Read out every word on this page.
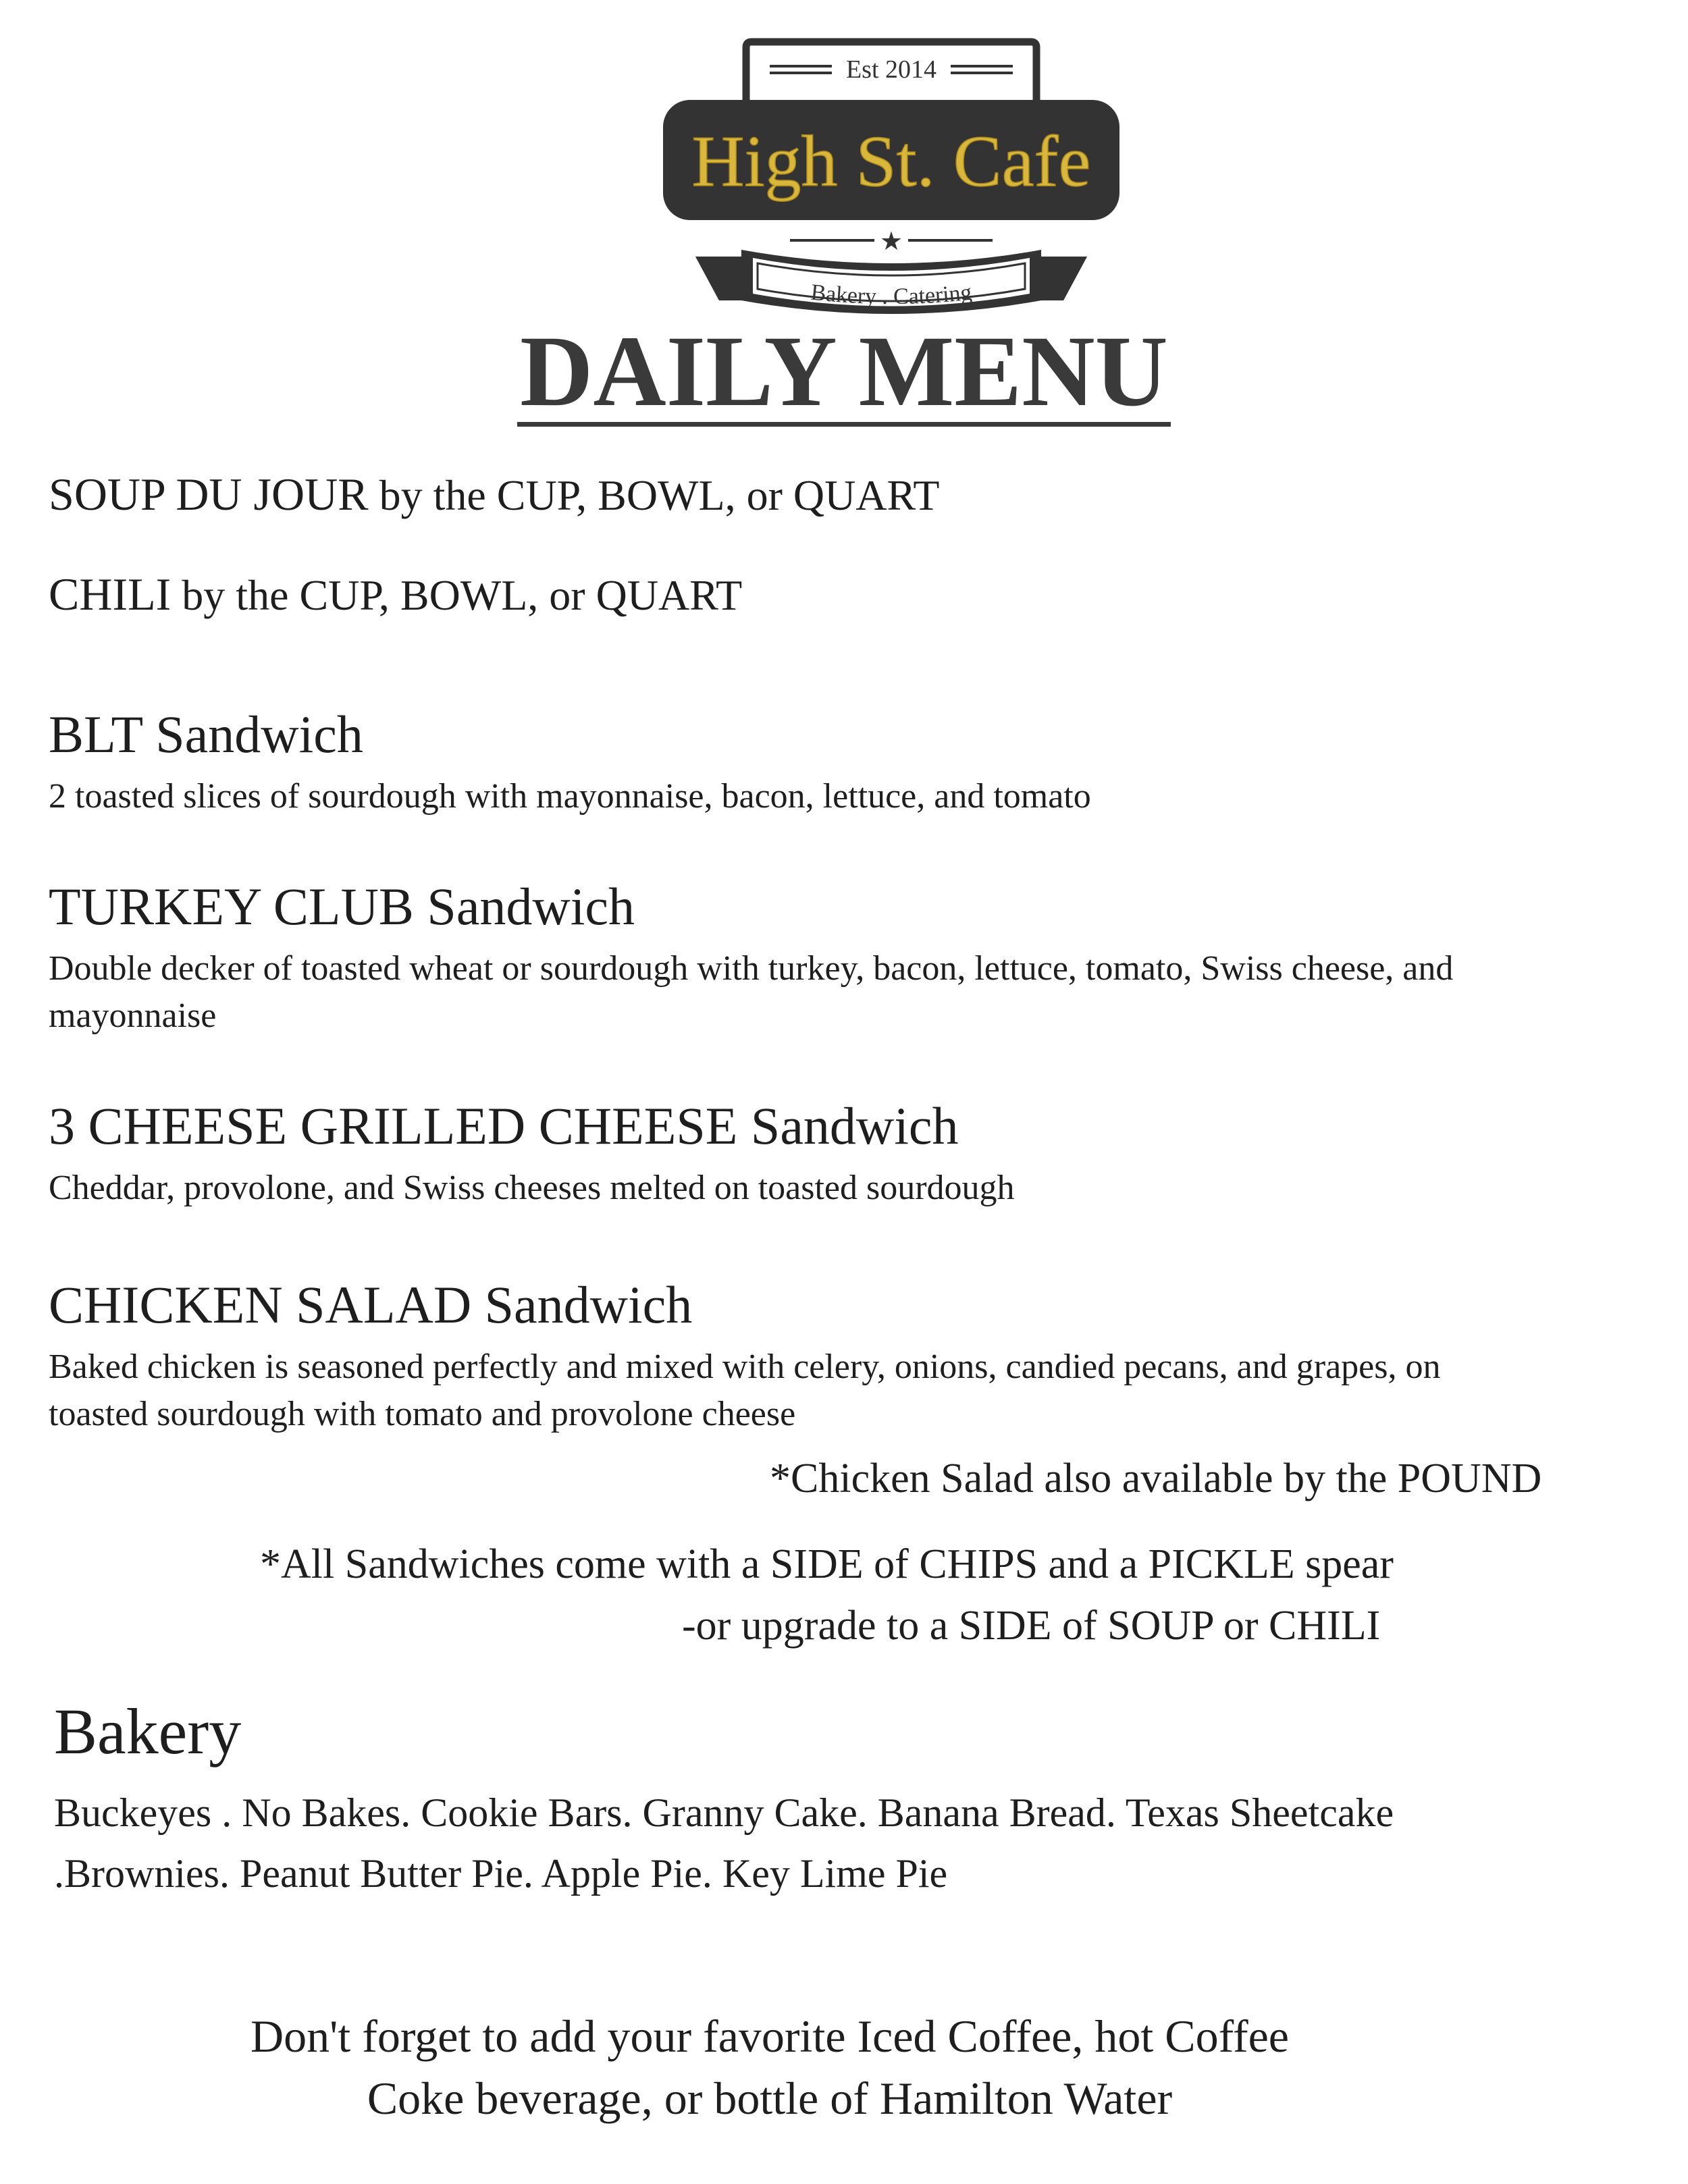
Est 2014
High St. Cafe
★
Bakery . Catering
DAILY MENU
SOUP DU JOUR by the CUP, BOWL, or QUART
CHILI by the CUP, BOWL, or QUART
BLT Sandwich
2 toasted slices of sourdough with mayonnaise, bacon, lettuce, and tomato
TURKEY CLUB Sandwich
Double decker of toasted wheat or sourdough with turkey, bacon, lettuce, tomato, Swiss cheese, and
mayonnaise
3 CHEESE GRILLED CHEESE Sandwich
Cheddar, provolone, and Swiss cheeses melted on toasted sourdough
CHICKEN SALAD Sandwich
Baked chicken is seasoned perfectly and mixed with celery, onions, candied pecans, and grapes, on
toasted sourdough with tomato and provolone cheese
*Chicken Salad also available by the POUND
*All Sandwiches come with a SIDE of CHIPS and a PICKLE spear
-or upgrade to a SIDE of SOUP or CHILI
Bakery
Buckeyes . No Bakes. Cookie Bars. Granny Cake. Banana Bread. Texas Sheetcake
.Brownies. Peanut Butter Pie. Apple Pie. Key Lime Pie
Don't forget to add your favorite Iced Coffee, hot Coffee
Coke beverage, or bottle of Hamilton Water
